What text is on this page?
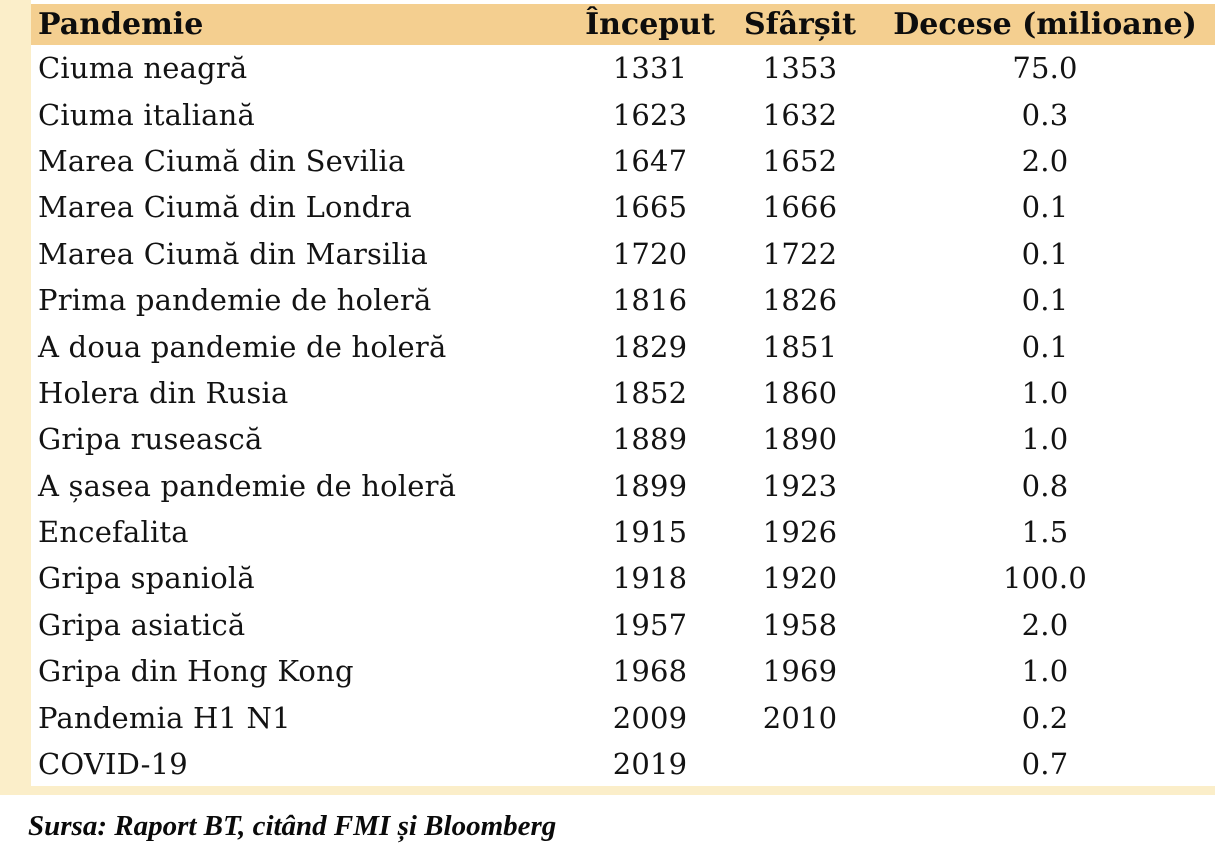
Pandemie	Început	Sfârșit	Decese (milioane)
Ciuma neagră	1331	1353	75.0
Ciuma italiană	1623	1632	0.3
Marea Ciumă din Sevilia	1647	1652	2.0
Marea Ciumă din Londra	1665	1666	0.1
Marea Ciumă din Marsilia	1720	1722	0.1
Prima pandemie de holeră	1816	1826	0.1
A doua pandemie de holeră	1829	1851	0.1
Holera din Rusia	1852	1860	1.0
Gripa rusească	1889	1890	1.0
A șasea pandemie de holeră	1899	1923	0.8
Encefalita	1915	1926	1.5
Gripa spaniolă	1918	1920	100.0
Gripa asiatică	1957	1958	2.0
Gripa din Hong Kong	1968	1969	1.0
Pandemia H1 N1	2009	2010	0.2
COVID-19	2019		0.7
Sursa: Raport BT, citând FMI și Bloomberg
